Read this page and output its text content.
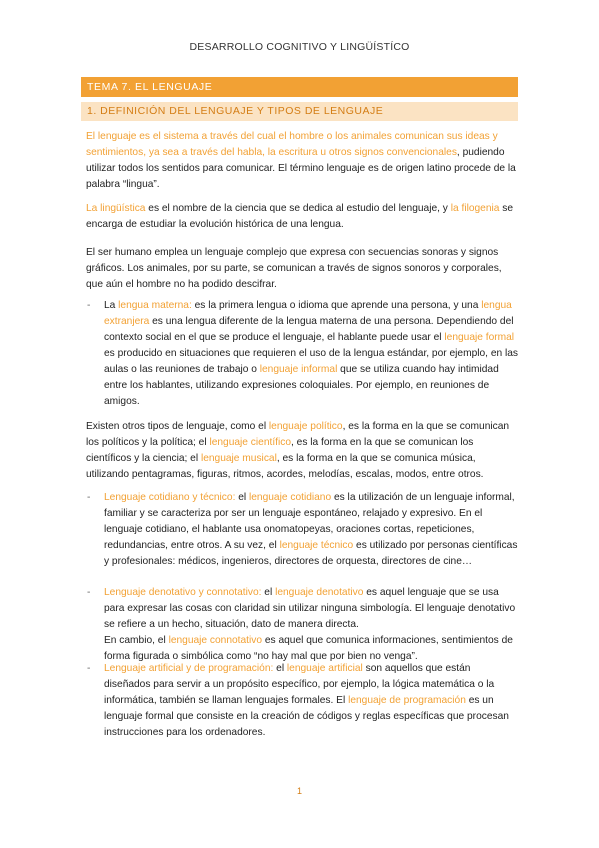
DESARROLLO COGNITIVO Y LINGÜÍSTÍCO
TEMA 7. EL LENGUAJE
1. DEFINICIÓN DEL LENGUAJE Y TIPOS DE LENGUAJE
El lenguaje es el sistema a través del cual el hombre o los animales comunican sus ideas y sentimientos, ya sea a través del habla, la escritura u otros signos convencionales, pudiendo utilizar todos los sentidos para comunicar. El término lenguaje es de origen latino procede de la palabra “lingua”.
La lingüística es el nombre de la ciencia que se dedica al estudio del lenguaje, y la filogenia se encarga de estudiar la evolución histórica de una lengua.
El ser humano emplea un lenguaje complejo que expresa con secuencias sonoras y signos gráficos. Los animales, por su parte, se comunican a través de signos sonoros y corporales, que aún el hombre no ha podido descifrar.
- La lengua materna: es la primera lengua o idioma que aprende una persona, y una lengua extranjera es una lengua diferente de la lengua materna de una persona. Dependiendo del contexto social en el que se produce el lenguaje, el hablante puede usar el lenguaje formal es producido en situaciones que requieren el uso de la lengua estándar, por ejemplo, en las aulas o las reuniones de trabajo o lenguaje informal que se utiliza cuando hay intimidad entre los hablantes, utilizando expresiones coloquiales. Por ejemplo, en reuniones de amigos.
Existen otros tipos de lenguaje, como el lenguaje político, es la forma en la que se comunican los políticos y la política; el lenguaje científico, es la forma en la que se comunican los científicos y la ciencia; el lenguaje musical, es la forma en la que se comunica música, utilizando pentagramas, figuras, ritmos, acordes, melodías, escalas, modos, entre otros.
- Lenguaje cotidiano y técnico: el lenguaje cotidiano es la utilización de un lenguaje informal, familiar y se caracteriza por ser un lenguaje espontáneo, relajado y expresivo. En el lenguaje cotidiano, el hablante usa onomatopeyas, oraciones cortas, repeticiones, redundancias, entre otros. A su vez, el lenguaje técnico es utilizado por personas científicas y profesionales: médicos, ingenieros, directores de orquesta, directores de cine…
- Lenguaje denotativo y connotativo: el lenguaje denotativo es aquel lenguaje que se usa para expresar las cosas con claridad sin utilizar ninguna simbología. El lenguaje denotativo se refiere a un hecho, situación, dato de manera directa.
En cambio, el lenguaje connotativo es aquel que comunica informaciones, sentimientos de forma figurada o simbólica como “no hay mal que por bien no venga”.
- Lenguaje artificial y de programación: el lenguaje artificial son aquellos que están diseñados para servir a un propósito específico, por ejemplo, la lógica matemática o la informática, también se llaman lenguajes formales. El lenguaje de programación es un lenguaje formal que consiste en la creación de códigos y reglas específicas que procesan instrucciones para los ordenadores.
1
